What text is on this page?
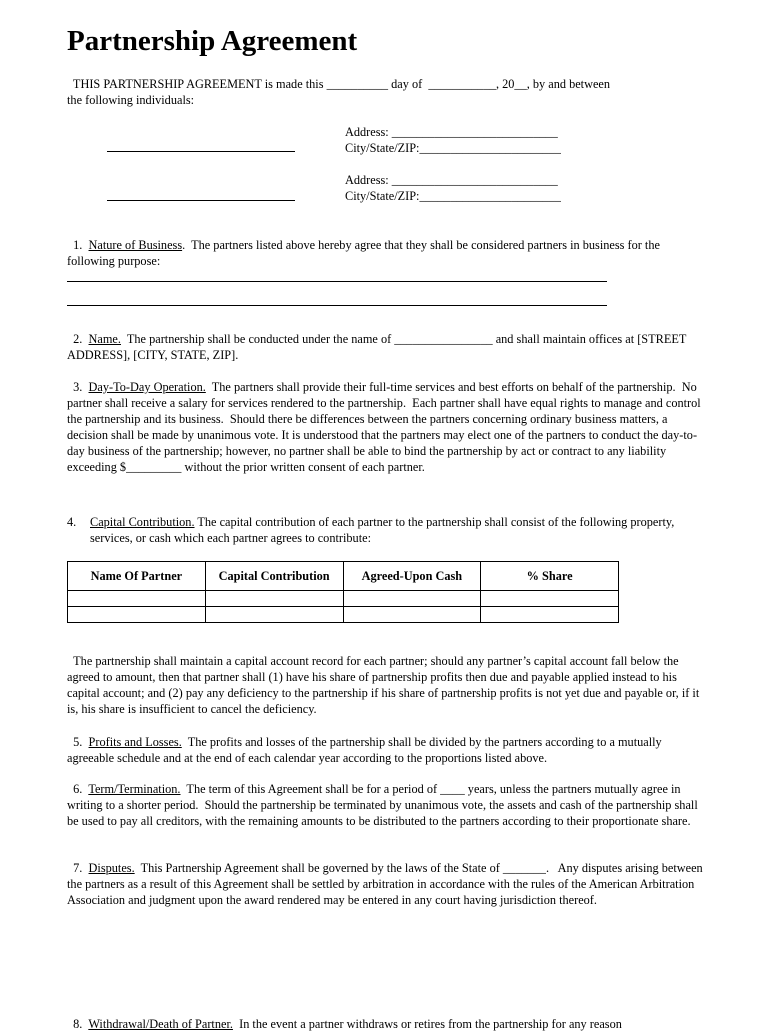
Partnership Agreement

THIS PARTNERSHIP AGREEMENT is made this __________ day of  ___________, 20__, by and between

the following individuals:

Address: ___________________________

City/State/ZIP:_______________________

Address: ___________________________

City/State/ZIP:_______________________

1.  Nature of Business.  The partners listed above hereby agree that they shall be considered partners in business for the following purpose:

2.  Name.  The partnership shall be conducted under the name of ________________ and shall maintain offices at [STREET ADDRESS], [CITY, STATE, ZIP].

3.  Day-To-Day Operation.  The partners shall provide their full-time services and best efforts on behalf of the partnership.  No partner shall receive a salary for services rendered to the partnership.  Each partner shall have equal rights to manage and control the partnership and its business.  Should there be differences between the partners concerning ordinary business matters, a decision shall be made by unanimous vote. It is understood that the partners may elect one of the partners to conduct the day-to-day business of the partnership; however, no partner shall be able to bind the partnership by act or contract to any liability exceeding $_________ without the prior written consent of each partner.

4. Capital Contribution. The capital contribution of each partner to the partnership shall consist of the following property, services, or cash which each partner agrees to contribute:

Name Of Partner	Capital Contribution	Agreed-Upon Cash	% Share

The partnership shall maintain a capital account record for each partner; should any partner’s capital account fall below the agreed to amount, then that partner shall (1) have his share of partnership profits then due and payable applied instead to his capital account; and (2) pay any deficiency to the partnership if his share of partnership profits is not yet due and payable or, if it is, his share is insufficient to cancel the deficiency.

5.  Profits and Losses.  The profits and losses of the partnership shall be divided by the partners according to a mutually agreeable schedule and at the end of each calendar year according to the proportions listed above.

6.  Term/Termination.  The term of this Agreement shall be for a period of ____ years, unless the partners mutually agree in writing to a shorter period.  Should the partnership be terminated by unanimous vote, the assets and cash of the partnership shall be used to pay all creditors, with the remaining amounts to be distributed to the partners according to their proportionate share.

7.  Disputes.  This Partnership Agreement shall be governed by the laws of the State of _______.   Any disputes arising between the partners as a result of this Agreement shall be settled by arbitration in accordance with the rules of the American Arbitration Association and judgment upon the award rendered may be entered in any court having jurisdiction thereof.

8.  Withdrawal/Death of Partner.  In the event a partner withdraws or retires from the partnership for any reason
